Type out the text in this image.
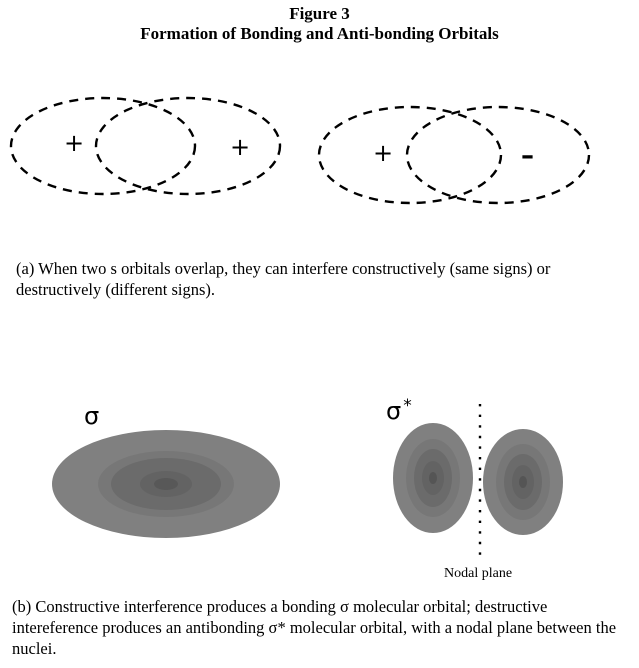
Figure 3
Formation of Bonding and Anti-bonding Orbitals
+	+	+	–
(a) When two s orbitals overlap, they can interfere constructively (same signs) or destructively (different signs).
σ	σ *
Nodal plane
(b) Constructive interference produces a bonding σ molecular orbital; destructive intereference produces an antibonding σ* molecular orbital, with a nodal plane between the nuclei.
